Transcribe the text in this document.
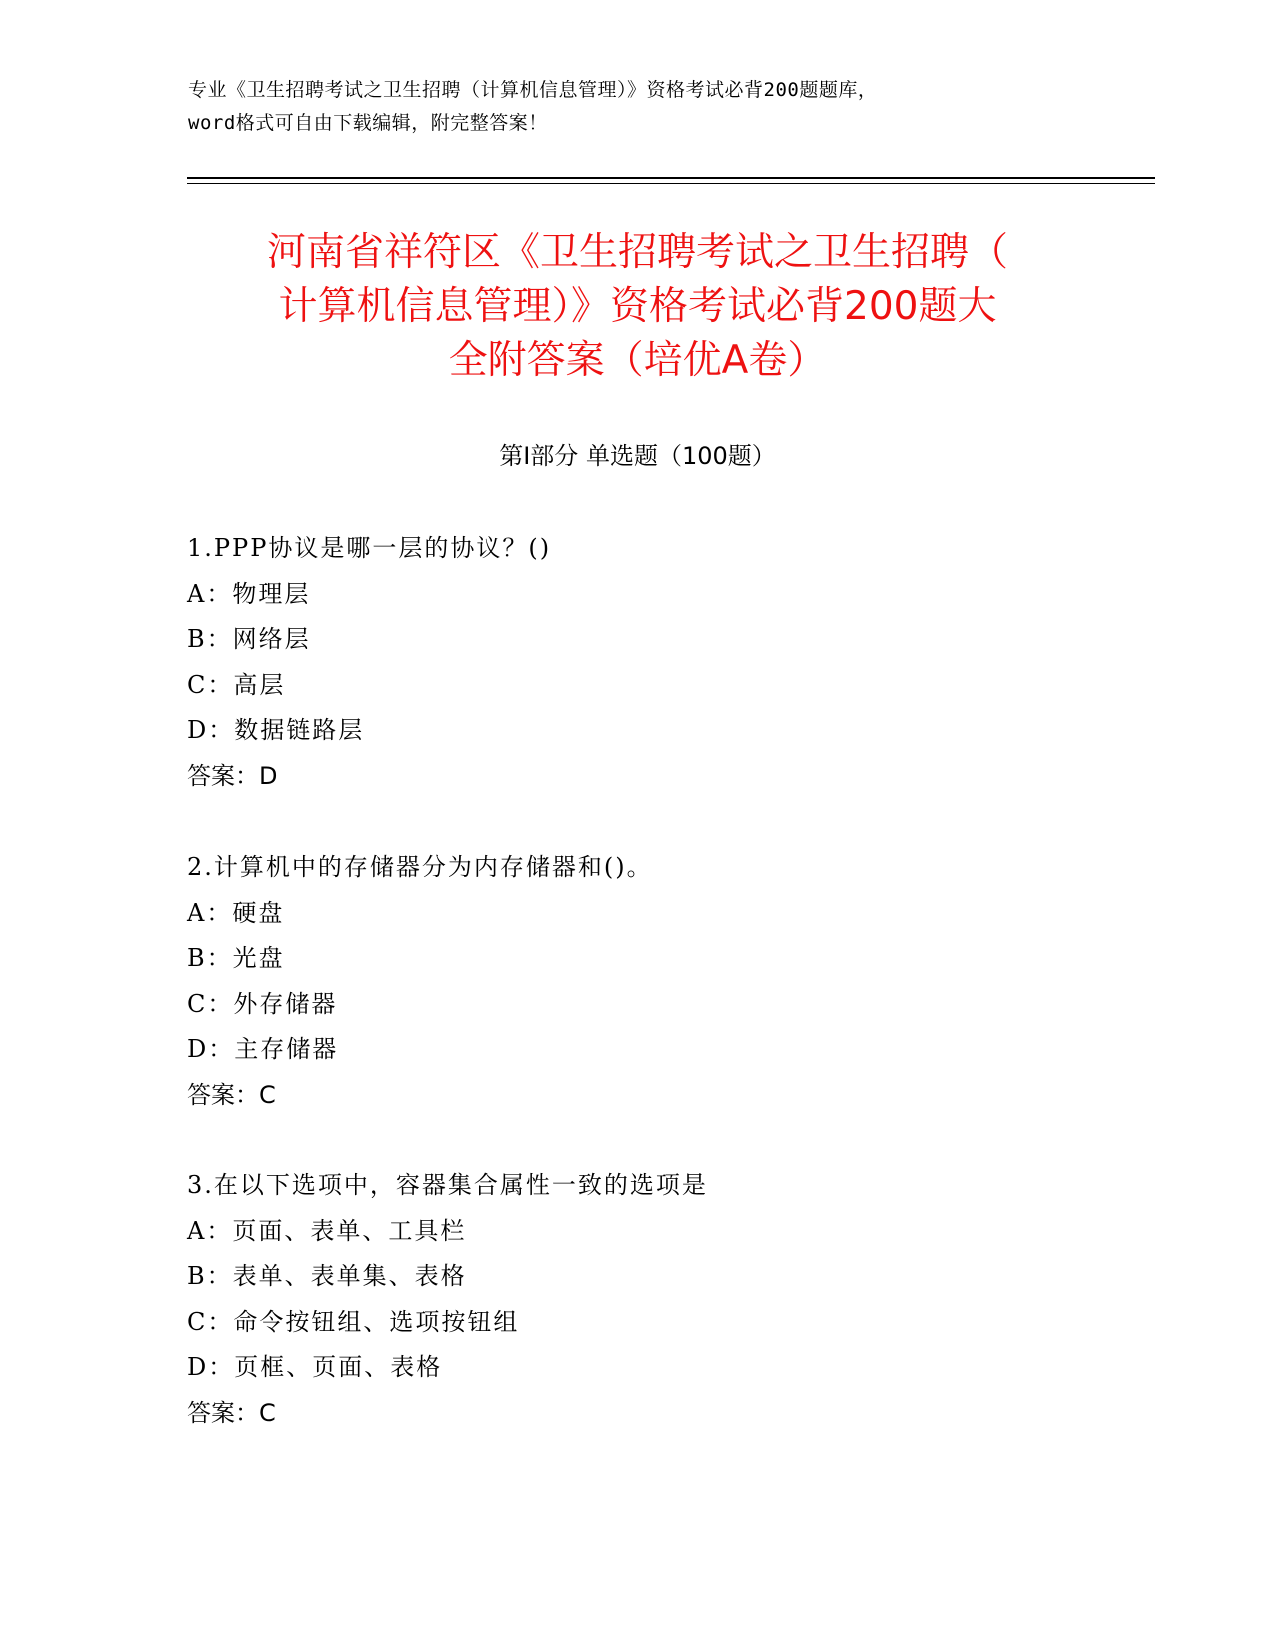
专业《卫生招聘考试之卫生招聘（计算机信息管理）》资格考试必背200题题库，
word格式可自由下载编辑，附完整答案！
河南省祥符区《卫生招聘考试之卫生招聘（
计算机信息管理）》资格考试必背200题大
全附答案（培优A卷）
第Ⅰ部分 单选题（100题）
1.PPP协议是哪一层的协议？()
A：物理层
B：网络层
C：高层
D：数据链路层
答案：D
2.计算机中的存储器分为内存储器和()。
A：硬盘
B：光盘
C：外存储器
D：主存储器
答案：C
3.在以下选项中，容器集合属性一致的选项是
A：页面、表单、工具栏
B：表单、表单集、表格
C：命令按钮组、选项按钮组
D：页框、页面、表格
答案：C
